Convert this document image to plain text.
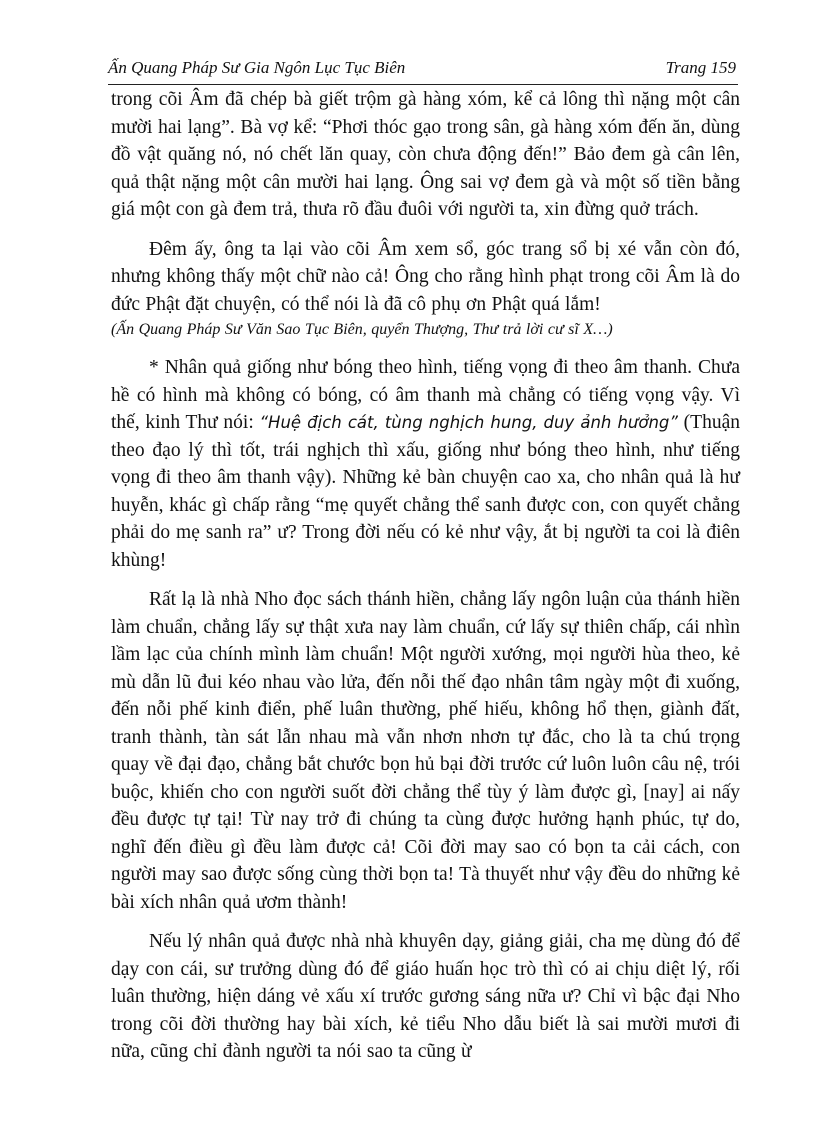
Ấn Quang Pháp Sư Gia Ngôn Lục Tục Biên	Trang 159

trong cõi Âm đã chép bà giết trộm gà hàng xóm, kể cả lông thì nặng một cân mười hai lạng”. Bà vợ kể: “Phơi thóc gạo trong sân, gà hàng xóm đến ăn, dùng đồ vật quăng nó, nó chết lăn quay, còn chưa động đến!” Bảo đem gà cân lên, quả thật nặng một cân mười hai lạng. Ông sai vợ đem gà và một số tiền bằng giá một con gà đem trả, thưa rõ đầu đuôi với người ta, xin đừng quở trách.

Đêm ấy, ông ta lại vào cõi Âm xem sổ, góc trang sổ bị xé vẫn còn đó, nhưng không thấy một chữ nào cả! Ông cho rằng hình phạt trong cõi Âm là do đức Phật đặt chuyện, có thể nói là đã cô phụ ơn Phật quá lắm!
(Ấn Quang Pháp Sư Văn Sao Tục Biên, quyển Thượng, Thư trả lời cư sĩ X…)

* Nhân quả giống như bóng theo hình, tiếng vọng đi theo âm thanh. Chưa hề có hình mà không có bóng, có âm thanh mà chẳng có tiếng vọng vậy. Vì thế, kinh Thư nói: “Huệ địch cát, tùng nghịch hung, duy ảnh hưởng” (Thuận theo đạo lý thì tốt, trái nghịch thì xấu, giống như bóng theo hình, như tiếng vọng đi theo âm thanh vậy). Những kẻ bàn chuyện cao xa, cho nhân quả là hư huyễn, khác gì chấp rằng “mẹ quyết chẳng thể sanh được con, con quyết chẳng phải do mẹ sanh ra” ư? Trong đời nếu có kẻ như vậy, ắt bị người ta coi là điên khùng!

Rất lạ là nhà Nho đọc sách thánh hiền, chẳng lấy ngôn luận của thánh hiền làm chuẩn, chẳng lấy sự thật xưa nay làm chuẩn, cứ lấy sự thiên chấp, cái nhìn lầm lạc của chính mình làm chuẩn! Một người xướng, mọi người hùa theo, kẻ mù dẫn lũ đui kéo nhau vào lửa, đến nỗi thế đạo nhân tâm ngày một đi xuống, đến nỗi phế kinh điển, phế luân thường, phế hiếu, không hổ thẹn, giành đất, tranh thành, tàn sát lẫn nhau mà vẫn nhơn nhơn tự đắc, cho là ta chú trọng quay về đại đạo, chẳng bắt chước bọn hủ bại đời trước cứ luôn luôn câu nệ, trói buộc, khiến cho con người suốt đời chẳng thể tùy ý làm được gì, [nay] ai nấy đều được tự tại! Từ nay trở đi chúng ta cùng được hưởng hạnh phúc, tự do, nghĩ đến điều gì đều làm được cả! Cõi đời may sao có bọn ta cải cách, con người may sao được sống cùng thời bọn ta! Tà thuyết như vậy đều do những kẻ bài xích nhân quả ươm thành!

Nếu lý nhân quả được nhà nhà khuyên dạy, giảng giải, cha mẹ dùng đó để dạy con cái, sư trưởng dùng đó để giáo huấn học trò thì có ai chịu diệt lý, rối luân thường, hiện dáng vẻ xấu xí trước gương sáng nữa ư? Chỉ vì bậc đại Nho trong cõi đời thường hay bài xích, kẻ tiểu Nho dẫu biết là sai mười mươi đi nữa, cũng chỉ đành người ta nói sao ta cũng ừ
